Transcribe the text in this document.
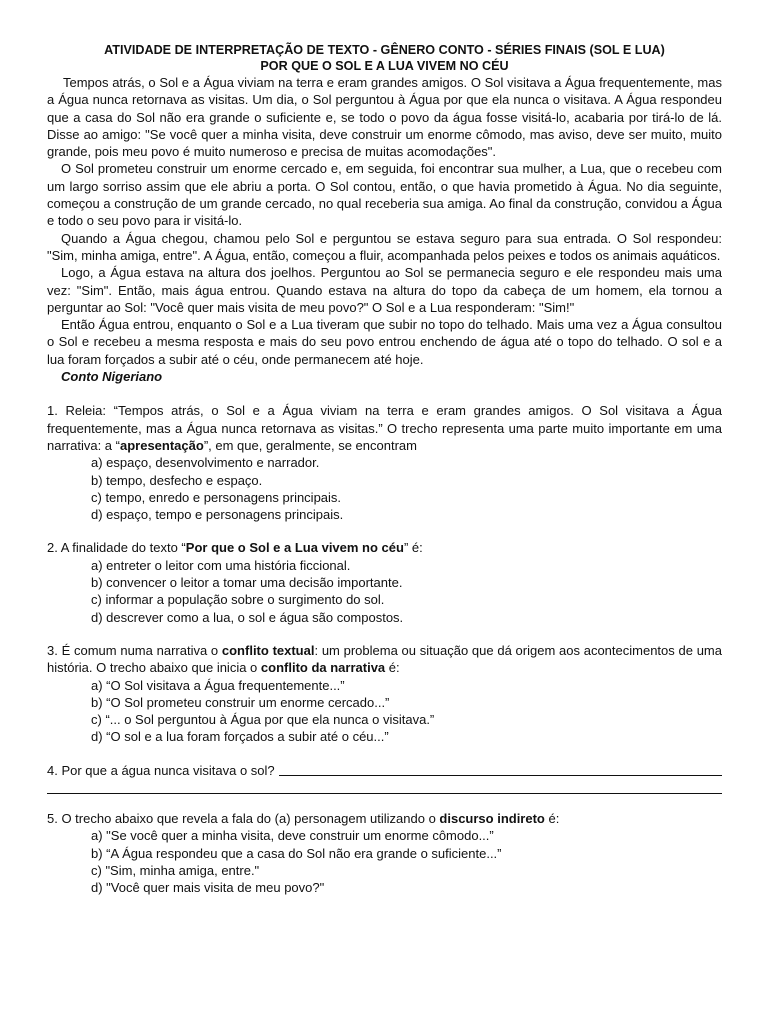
ATIVIDADE DE INTERPRETAÇÃO DE TEXTO - GÊNERO CONTO - SÉRIES FINAIS (SOL E LUA)
POR QUE O SOL E A LUA VIVEM NO CÉU

Tempos atrás, o Sol e a Água viviam na terra e eram grandes amigos. O Sol visitava a Água frequentemente, mas a Água nunca retornava as visitas. Um dia, o Sol perguntou à Água por que ela nunca o visitava. A Água respondeu que a casa do Sol não era grande o suficiente e, se todo o povo da água fosse visitá-lo, acabaria por tirá-lo de lá. Disse ao amigo: "Se você quer a minha visita, deve construir um enorme cômodo, mas aviso, deve ser muito, muito grande, pois meu povo é muito numeroso e precisa de muitas acomodações".

O Sol prometeu construir um enorme cercado e, em seguida, foi encontrar sua mulher, a Lua, que o recebeu com um largo sorriso assim que ele abriu a porta. O Sol contou, então, o que havia prometido à Água. No dia seguinte, começou a construção de um grande cercado, no qual receberia sua amiga. Ao final da construção, convidou a Água e todo o seu povo para ir visitá-lo.

Quando a Água chegou, chamou pelo Sol e perguntou se estava seguro para sua entrada. O Sol respondeu: "Sim, minha amiga, entre". A Água, então, começou a fluir, acompanhada pelos peixes e todos os animais aquáticos.

Logo, a Água estava na altura dos joelhos. Perguntou ao Sol se permanecia seguro e ele respondeu mais uma vez: "Sim". Então, mais água entrou. Quando estava na altura do topo da cabeça de um homem, ela tornou a perguntar ao Sol: "Você quer mais visita de meu povo?" O Sol e a Lua responderam: "Sim!"

Então Água entrou, enquanto o Sol e a Lua tiveram que subir no topo do telhado. Mais uma vez a Água consultou o Sol e recebeu a mesma resposta e mais do seu povo entrou enchendo de água até o topo do telhado. O sol e a lua foram forçados a subir até o céu, onde permanecem até hoje.

Conto Nigeriano

1. Releia: “Tempos atrás, o Sol e a Água viviam na terra e eram grandes amigos. O Sol visitava a Água frequentemente, mas a Água nunca retornava as visitas.” O trecho representa uma parte muito importante em uma narrativa: a “apresentação”, em que, geralmente, se encontram

a) espaço, desenvolvimento e narrador.
b) tempo, desfecho e espaço.
c) tempo, enredo e personagens principais.
d) espaço, tempo e personagens principais.

2. A finalidade do texto “Por que o Sol e a Lua vivem no céu” é:

a) entreter o leitor com uma história ficcional.
b) convencer o leitor a tomar uma decisão importante.
c) informar a população sobre o surgimento do sol.
d) descrever como a lua, o sol e água são compostos.

3. É comum numa narrativa o conflito textual: um problema ou situação que dá origem aos acontecimentos de uma história. O trecho abaixo que inicia o conflito da narrativa é:

a) “O Sol visitava a Água frequentemente...”
b) “O Sol prometeu construir um enorme cercado...”
c) “... o Sol perguntou à Água por que ela nunca o visitava.”
d) “O sol e a lua foram forçados a subir até o céu...”
4. Por que a água nunca visitava o sol?

5. O trecho abaixo que revela a fala do (a) personagem utilizando o discurso indireto é:

a) "Se você quer a minha visita, deve construir um enorme cômodo...”
b) “A Água respondeu que a casa do Sol não era grande o suficiente...”
c) "Sim, minha amiga, entre."
d) "Você quer mais visita de meu povo?"
